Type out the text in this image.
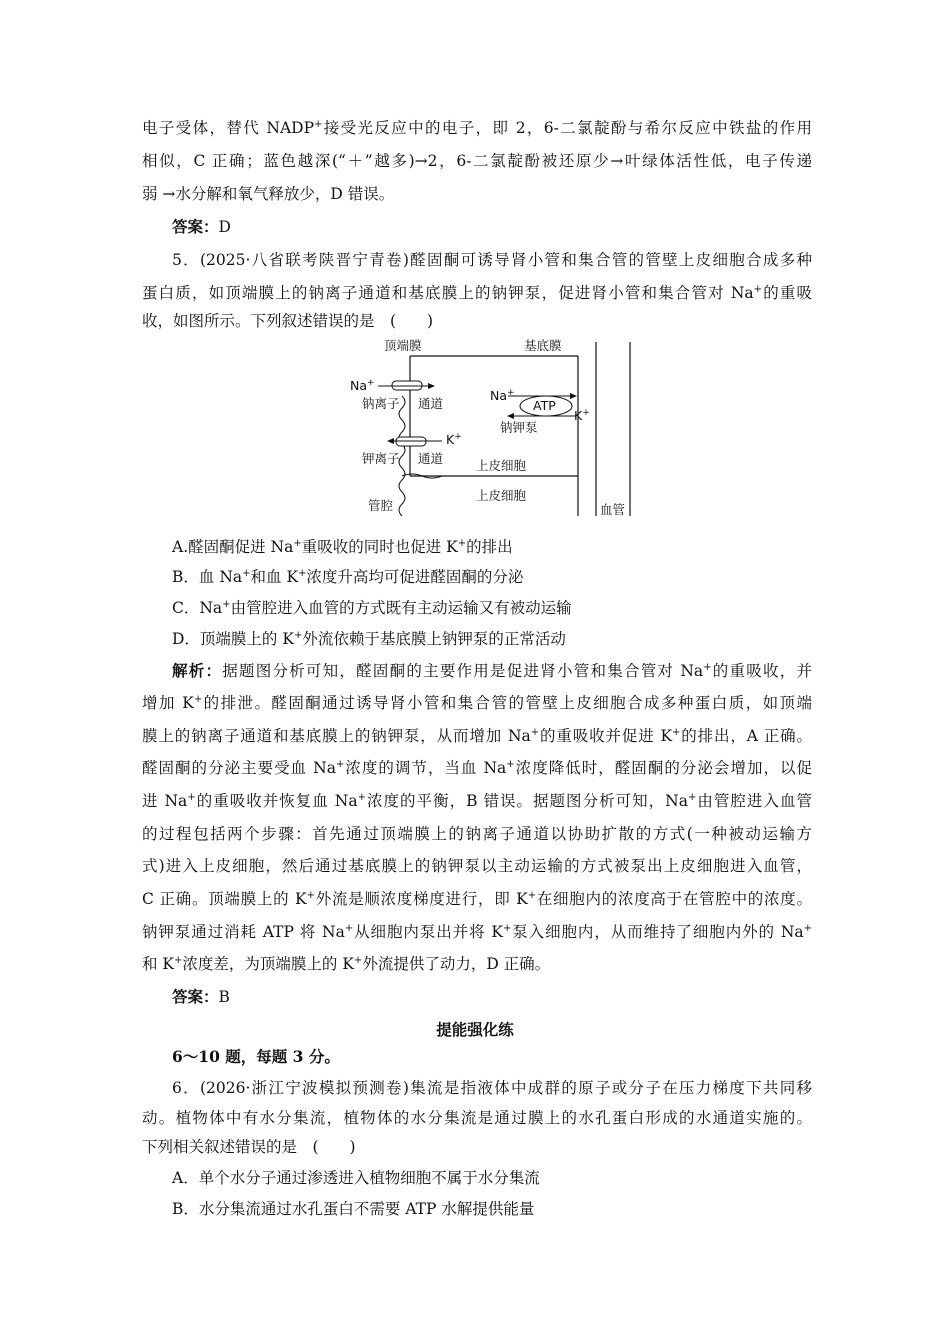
电子受体，替代 NADP+接受光反应中的电子，即 2，6-二氯靛酚与希尔反应中铁盐的作用
相似，C 正确；蓝色越深(“＋”越多)→2，6-二氯靛酚被还原少→叶绿体活性低，电子传递
弱 →水分解和氧气释放少，D 错误。
答案：D
5．(2025·八省联考陕晋宁青卷)醛固酮可诱导肾小管和集合管的管壁上皮细胞合成多种
蛋白质，如顶端膜上的钠离子通道和基底膜上的钠钾泵，促进肾小管和集合管对 Na+的重吸
收，如图所示。下列叙述错误的是　(　　)
顶端膜	基底膜
Na+
钠离子 通道
Na+
ATP
K+
钠钾泵
K+
钾离子 通道	上皮细胞
上皮细胞
管腔	血管
A.醛固酮促进 Na+重吸收的同时也促进 K+的排出
B．血 Na+和血 K+浓度升高均可促进醛固酮的分泌
C．Na+由管腔进入血管的方式既有主动运输又有被动运输
D．顶端膜上的 K+外流依赖于基底膜上钠钾泵的正常活动
解析：据题图分析可知，醛固酮的主要作用是促进肾小管和集合管对 Na+的重吸收，并
增加 K+的排泄。醛固酮通过诱导肾小管和集合管的管壁上皮细胞合成多种蛋白质，如顶端
膜上的钠离子通道和基底膜上的钠钾泵，从而增加 Na+的重吸收并促进 K+的排出，A 正确。
醛固酮的分泌主要受血 Na+浓度的调节，当血 Na+浓度降低时，醛固酮的分泌会增加，以促
进 Na+的重吸收并恢复血 Na+浓度的平衡，B 错误。据题图分析可知，Na+由管腔进入血管
的过程包括两个步骤：首先通过顶端膜上的钠离子通道以协助扩散的方式(一种被动运输方
式)进入上皮细胞，然后通过基底膜上的钠钾泵以主动运输的方式被泵出上皮细胞进入血管，
C 正确。顶端膜上的 K+外流是顺浓度梯度进行，即 K+在细胞内的浓度高于在管腔中的浓度。
钠钾泵通过消耗 ATP 将 Na+从细胞内泵出并将 K+泵入细胞内，从而维持了细胞内外的 Na+
和 K+浓度差，为顶端膜上的 K+外流提供了动力，D 正确。
答案：B
提能强化练
6～10 题，每题 3 分。
6．(2026·浙江宁波模拟预测卷)集流是指液体中成群的原子或分子在压力梯度下共同移
动。植物体中有水分集流，植物体的水分集流是通过膜上的水孔蛋白形成的水通道实施的。
下列相关叙述错误的是　(　　)
A．单个水分子通过渗透进入植物细胞不属于水分集流
B．水分集流通过水孔蛋白不需要 ATP 水解提供能量
